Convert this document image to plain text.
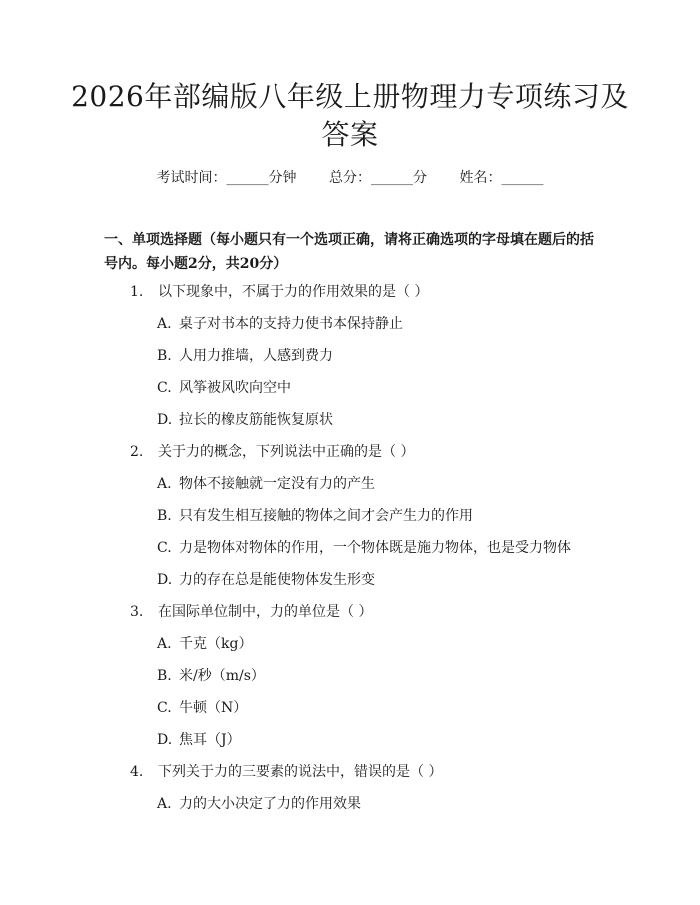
2026年部编版八年级上册物理力专项练习及答案
考试时间：______分钟 总分：______分 姓名：______

一、单项选择题（每小题只有一个选项正确，请将正确选项的字母填在题后的括号内。每小题2分，共20分）

1. 以下现象中，不属于力的作用效果的是（ ）
A. 桌子对书本的支持力使书本保持静止
B. 人用力推墙，人感到费力
C. 风筝被风吹向空中
D. 拉长的橡皮筋能恢复原状
2. 关于力的概念，下列说法中正确的是（ ）
A. 物体不接触就一定没有力的产生
B. 只有发生相互接触的物体之间才会产生力的作用
C. 力是物体对物体的作用，一个物体既是施力物体，也是受力物体
D. 力的存在总是能使物体发生形变
3. 在国际单位制中，力的单位是（ ）
A. 千克（kg）
B. 米/秒（m/s）
C. 牛顿（N）
D. 焦耳（J）
4. 下列关于力的三要素的说法中，错误的是（ ）
A. 力的大小决定了力的作用效果
